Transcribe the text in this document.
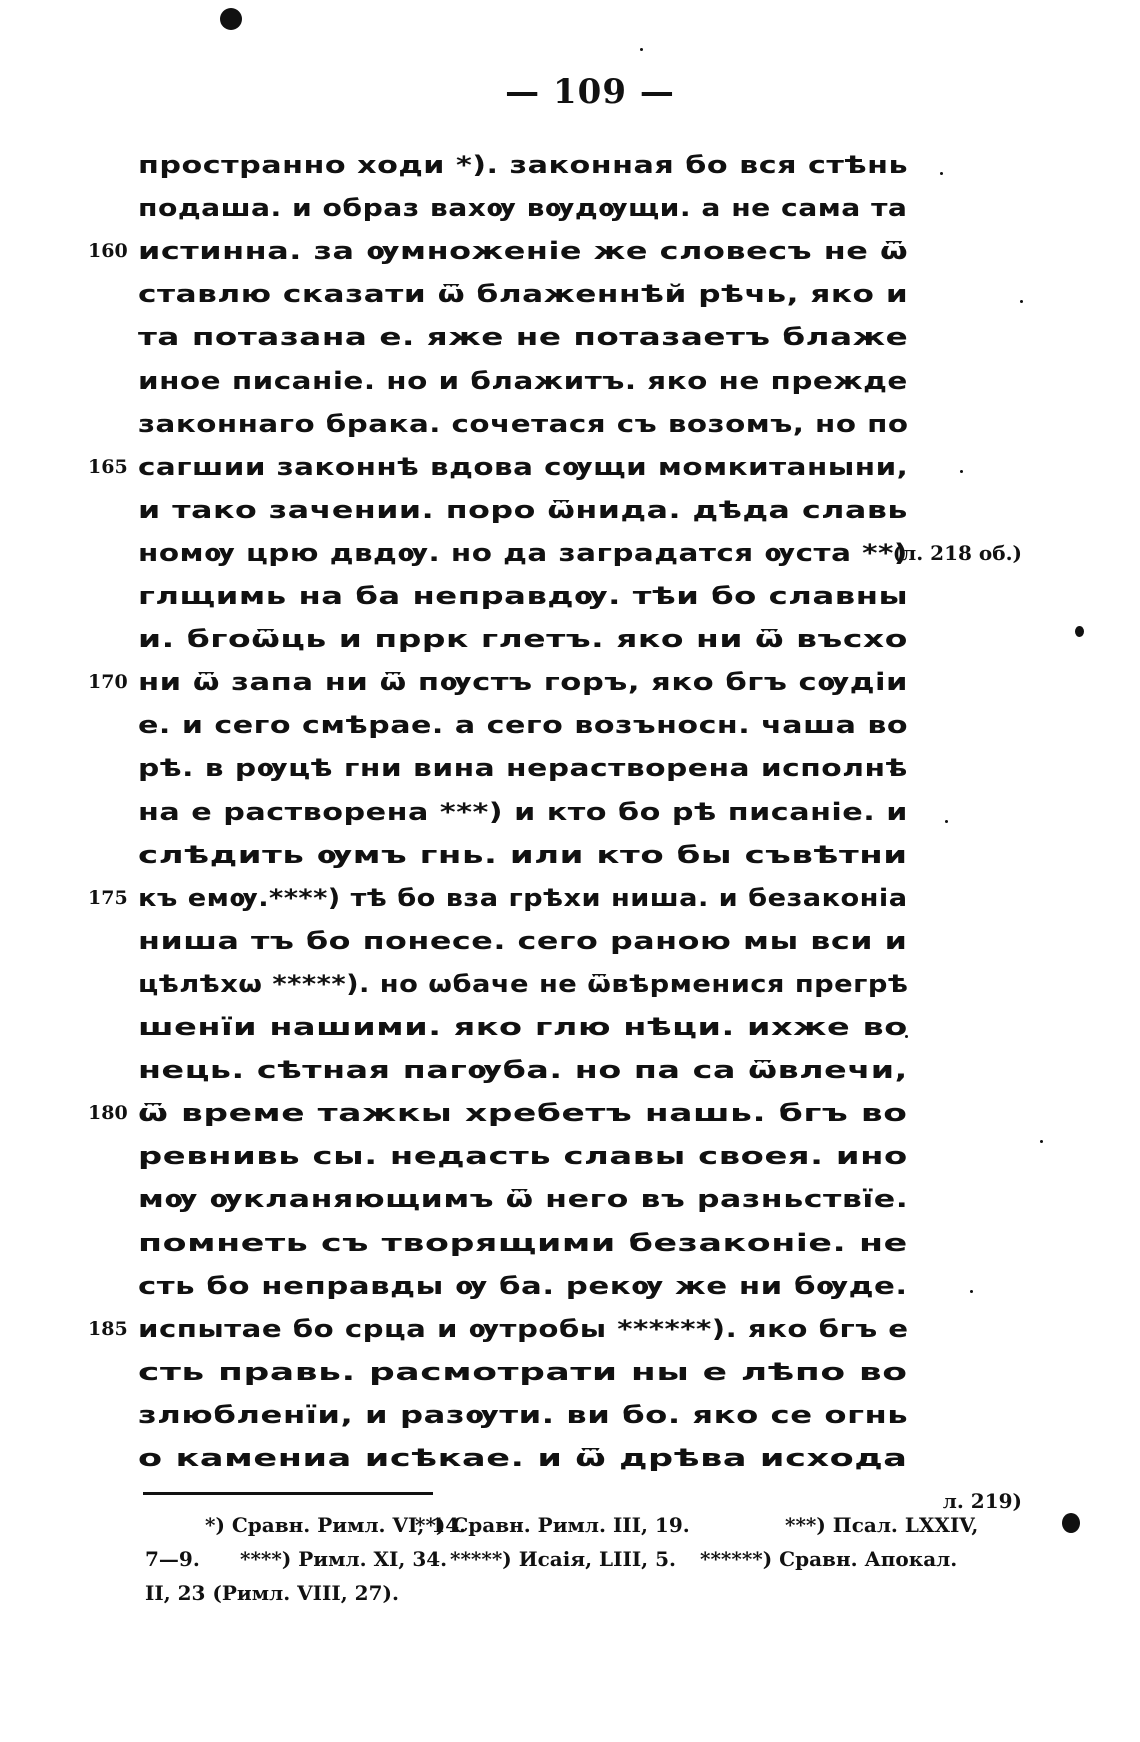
— 109 —
пространно ходи *). законная бо вся стѣнь
подаша. и образ вахѹ вѹдѹщи. а не сама та
160 истинна. за ѹмноженіе же словесъ не ѿ
ставлю сказати ѿ блаженнѣй рѣчь, яко и
та потазана е. яже не потазаетъ блаже
иное писаніе. но и блажитъ. яко не прежде
законнаго брака. сочетася съ возомъ, но по
165 сагшии законнѣ вдова сѹщи момкитаныни,
и тако зачении. поро ѿнида. дѣда славь
номѹ црю двдѹ. но да заградатся ѹста **)
глщимь на ба неправдѹ. тѣи бо славны
и. бгоѿць и пррк глетъ. яко ни ѿ въсхо
170 ни ѿ запа ни ѿ пѹстъ горъ, яко бгъ сѹдіи
е. и сего смѣрае. а сего возъносн. чаша во
рѣ. в рѹцѣ гни вина нерастворена исполнѣ
на е растворена ***) и кто бо рѣ писаніе. и
слѣдить ѹмъ гнь. или кто бы съвѣтни
175 къ емѹ.****) тѣ бо вза грѣхи ниша. и безаконіа
ниша тъ бо понесе. сего раною мы вси и
цѣлѣхѡ *****). но ѡбаче не ѿвѣрменися прегрѣ
шенїи нашими. яко глю нѣци. ихже во
нець. сѣтная пагѹба. но па са ѿвлечи,
180 ѿ време тажкы хребетъ нашь. бгъ во
ревнивь сы. недасть славы своея. ино
мѹ ѹкланяющимъ ѿ него въ разньствїе.
помнеть съ творящими безаконіе. не
сть бо неправды ѹ ба. рекѹ же ни бѹде.
185 испытае бо срца и ѹтробы ******). яко бгъ е
сть правь. расмотрати ны е лѣпо во
злюбленїи, и разѹти. ви бо. яко се огнь
о камениа исѣкае. и ѿ дрѣва исхода
(л. 218 об.)
л. 219)
*) Сравн. Римл. VI, 14.
**) Сравн. Римл. III, 19.	***) Псал. LXXIV,
7—9. ****) Римл. XI, 34. *****) Исаія, LIII, 5. ******) Сравн. Апокал.
II, 23 (Римл. VIII, 27).
